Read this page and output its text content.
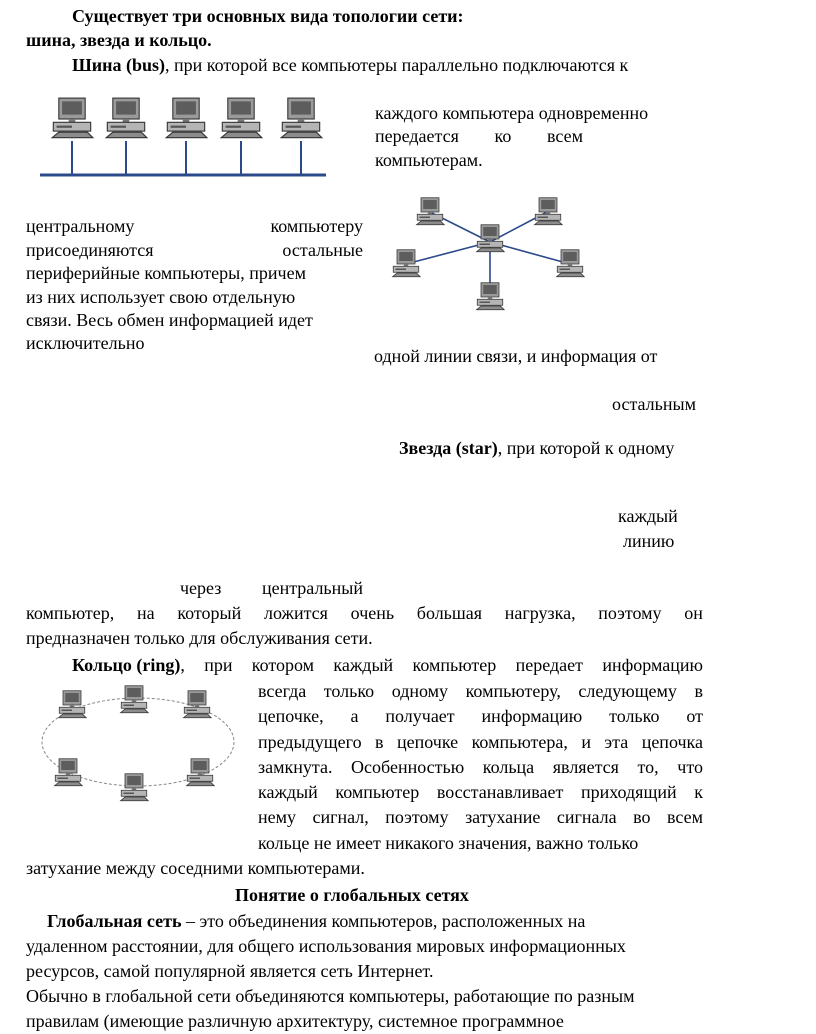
Существует три основных вида топологии сети:
шина, звезда и кольцо.
Шина (bus), при которой все компьютеры параллельно подключаются к
каждого компьютера одновременно
передается ко всем
компьютерам.
центральному	компьютеру
присоединяются	остальные
периферийные компьютеры, причем
из них использует свою отдельную
связи. Весь обмен информацией идет
исключительно
одной линии связи, и информация от
остальным
Звезда (star), при которой к одному
каждый
линию
через центральный
компьютер, на который ложится очень большая нагрузка, поэтому он
предназначен только для обслуживания сети.
Кольцо (ring), при котором каждый компьютер передает информацию
всегда только одному компьютеру, следующему в
цепочке, а получает информацию только от
предыдущего в цепочке компьютера, и эта цепочка
замкнута. Особенностью кольца является то, что
каждый компьютер восстанавливает приходящий к
нему сигнал, поэтому затухание сигнала во всем
кольце не имеет никакого значения, важно только
затухание между соседними компьютерами.
Понятие о глобальных сетях
Глобальная сеть – это объединения компьютеров, расположенных на
удаленном расстоянии, для общего использования мировых информационных
ресурсов, самой популярной является сеть Интернет.
Обычно в глобальной сети объединяются компьютеры, работающие по разным
правилам (имеющие различную архитектуру, системное программное
